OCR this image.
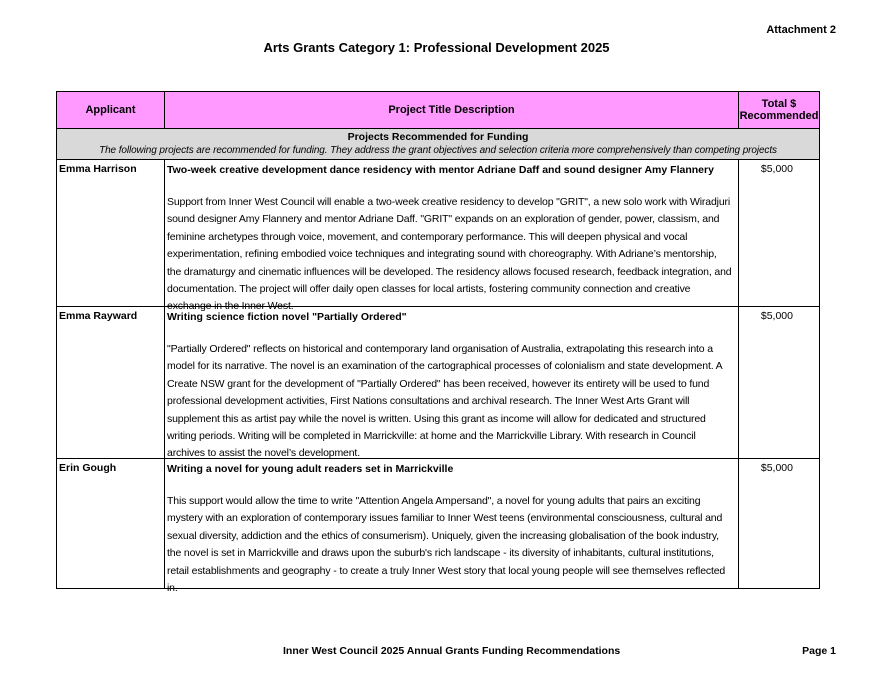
Attachment 2
Arts Grants Category 1: Professional Development 2025
Applicant	Project Title Description	Total $ Recommended
Projects Recommended for Funding
The following projects are recommended for funding. They address the grant objectives and selection criteria more comprehensively than competing projects
Emma Harrison	Two-week creative development dance residency with mentor Adriane Daff and sound designer Amy Flannery
Support from Inner West Council will enable a two-week creative residency to develop "GRIT", a new solo work with Wiradjuri
sound designer Amy Flannery and mentor Adriane Daff. "GRIT" expands on an exploration of gender, power, classism, and
feminine archetypes through voice, movement, and contemporary performance. This will deepen physical and vocal
experimentation, refining embodied voice techniques and integrating sound with choreography. With Adriane’s mentorship,
the dramaturgy and cinematic influences will be developed. The residency allows focused research, feedback integration, and
documentation. The project will offer daily open classes for local artists, fostering community connection and creative
exchange in the Inner West.
$5,000
Emma Rayward	Writing science fiction novel "Partially Ordered"
"Partially Ordered" reflects on historical and contemporary land organisation of Australia, extrapolating this research into a
model for its narrative. The novel is an examination of the cartographical processes of colonialism and state development. A
Create NSW grant for the development of "Partially Ordered" has been received, however its entirety will be used to fund
professional development activities, First Nations consultations and archival research. The Inner West Arts Grant will
supplement this as artist pay while the novel is written. Using this grant as income will allow for dedicated and structured
writing periods. Writing will be completed in Marrickville: at home and the Marrickville Library. With research in Council
archives to assist the novel’s development.
$5,000
Erin Gough	Writing a novel for young adult readers set in Marrickville
This support would allow the time to write "Attention Angela Ampersand", a novel for young adults that pairs an exciting
mystery with an exploration of contemporary issues familiar to Inner West teens (environmental consciousness, cultural and
sexual diversity, addiction and the ethics of consumerism). Uniquely, given the increasing globalisation of the book industry,
the novel is set in Marrickville and draws upon the suburb's rich landscape - its diversity of inhabitants, cultural institutions,
retail establishments and geography - to create a truly Inner West story that local young people will see themselves reflected
in.
$5,000
Inner West Council 2025 Annual Grants Funding Recommendations	Page 1
